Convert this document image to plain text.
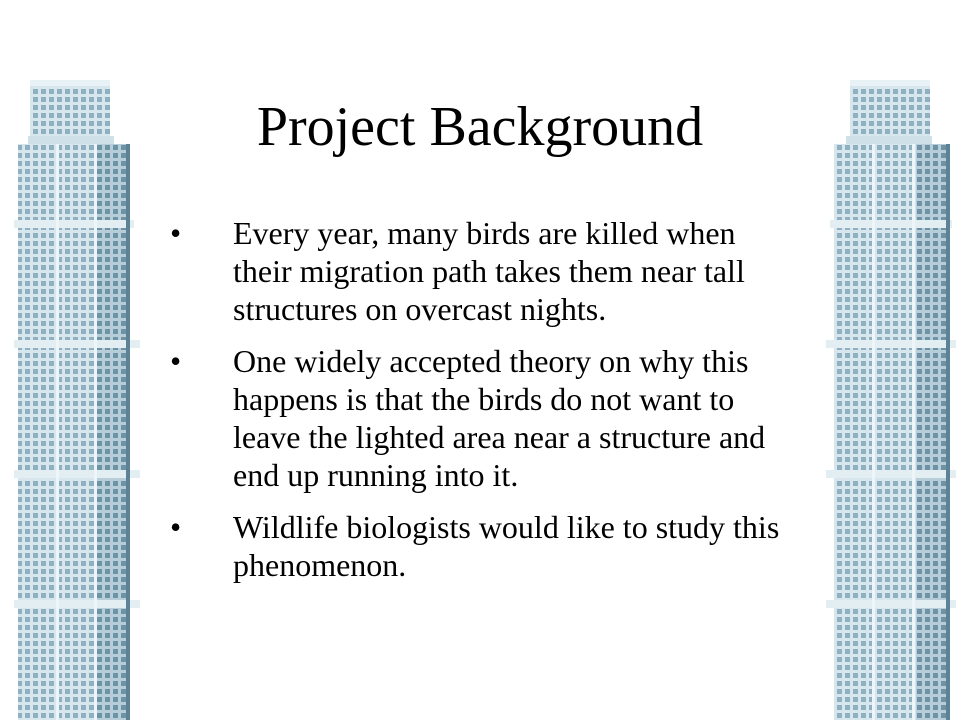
Project Background
• Every year, many birds are killed when their migration path takes them near tall structures on overcast nights.
• One widely accepted theory on why this happens is that the birds do not want to leave the lighted area near a structure and end up running into it.
• Wildlife biologists would like to study this phenomenon.
